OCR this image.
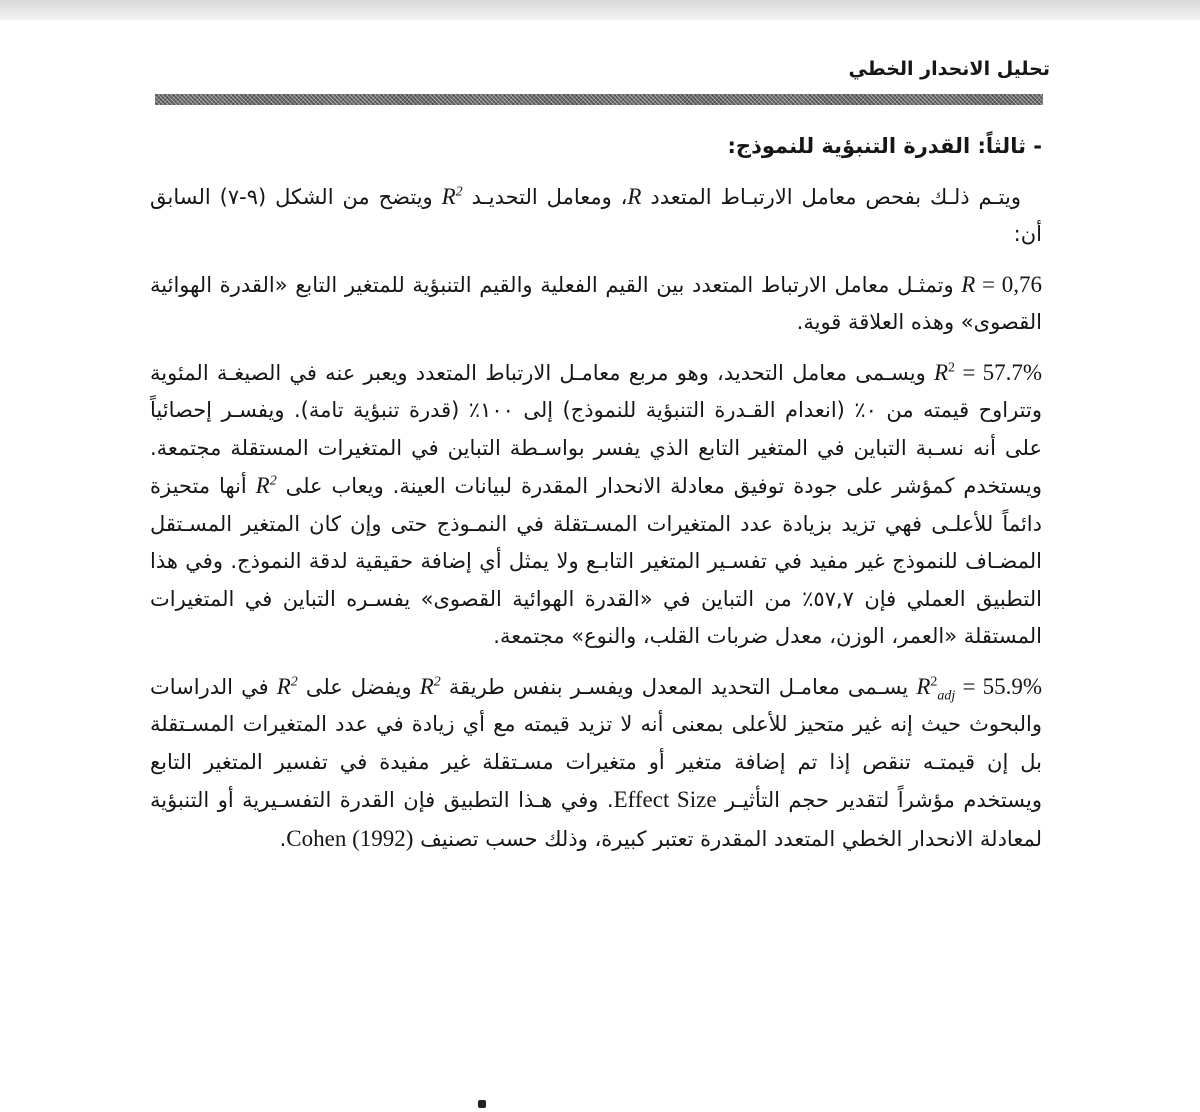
تحليل الانحدار الخطي

- ثالثاً: القدرة التنبؤية للنموذج:

 ويتـم ذلـك بفحص معامل الارتبـاط المتعدد R، ومعامل التحديـد $R^2$ ويتضح من الشكل (٩-٧) السابق أن:

R = 0,76 وتمثـل معامل الارتباط المتعدد بين القيم الفعلية والقيم التنبؤية للمتغير التابع «القدرة الهوائية القصوى» وهذه العلاقة قوية.

$R^2 = 57.7\%$ ويسـمى معامل التحديد، وهو مربع معامـل الارتباط المتعدد ويعبر عنه في الصيغـة المئوية وتتراوح قيمته من ٠٪ (انعدام القـدرة التنبؤية للنموذج) إلى ١٠٠٪ (قدرة تنبؤية تامة). ويفسـر إحصائياً على أنه نسـبة التباين في المتغير التابع الذي يفسر بواسـطة التباين في المتغيرات المستقلة مجتمعة. ويستخدم كمؤشر على جودة توفيق معادلة الانحدار المقدرة لبيانات العينة. ويعاب على $R^2$ أنها متحيزة دائماً للأعلـى فهي تزيد بزيادة عدد المتغيرات المسـتقلة في النمـوذج حتى وإن كان المتغير المسـتقل المضـاف للنموذج غير مفيد في تفسـير المتغير التابـع ولا يمثل أي إضافة حقيقية لدقة النموذج. وفي هذا التطبيق العملي فإن ٥٧,٧٪ من التباين في «القدرة الهوائية القصوى» يفسـره التباين في المتغيرات المستقلة «العمر، الوزن، معدل ضربات القلب، والنوع» مجتمعة.

$R^2_{adj} = 55.9\%$ يسـمى معامـل التحديد المعدل ويفسـر بنفس طريقة $R^2$ ويفضل على $R^2$ في الدراسات والبحوث حيث إنه غير متحيز للأعلى بمعنى أنه لا تزيد قيمته مع أي زيادة في عدد المتغيرات المسـتقلة بل إن قيمتـه تنقص إذا تم إضافة متغير أو متغيرات مسـتقلة غير مفيدة في تفسير المتغير التابع ويستخدم مؤشراً لتقدير حجم التأثيـر Effect Size. وفي هـذا التطبيق فإن القدرة التفسـيرية أو التنبؤية لمعادلة الانحدار الخطي المتعدد المقدرة تعتبر كبيرة، وذلك حسب تصنيف Cohen (1992).
